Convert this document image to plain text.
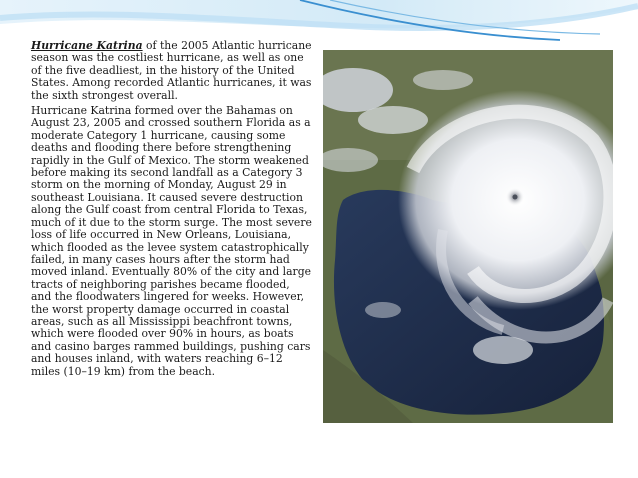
Hurricane Katrina of the 2005 Atlantic hurricane season was the costliest hurricane, as well as one of the five deadliest, in the history of the United States. Among recorded Atlantic hurricanes, it was the sixth strongest overall.

Hurricane Katrina formed over the Bahamas on August 23, 2005 and crossed southern Florida as a moderate Category 1 hurricane, causing some deaths and flooding there before strengthening rapidly in the Gulf of Mexico. The storm weakened before making its second landfall as a Category 3 storm on the morning of Monday, August 29 in southeast Louisiana. It caused severe destruction along the Gulf coast from central Florida to Texas, much of it due to the storm surge. The most severe loss of life occurred in New Orleans, Louisiana, which flooded as the levee system catastrophically failed, in many cases hours after the storm had moved inland. Eventually 80% of the city and large tracts of neighboring parishes became flooded, and the floodwaters lingered for weeks. However, the worst property damage occurred in coastal areas, such as all Mississippi beachfront towns, which were flooded over 90% in hours, as boats and casino barges rammed buildings, pushing cars and houses inland, with waters reaching 6–12 miles (10–19 km) from the beach.
